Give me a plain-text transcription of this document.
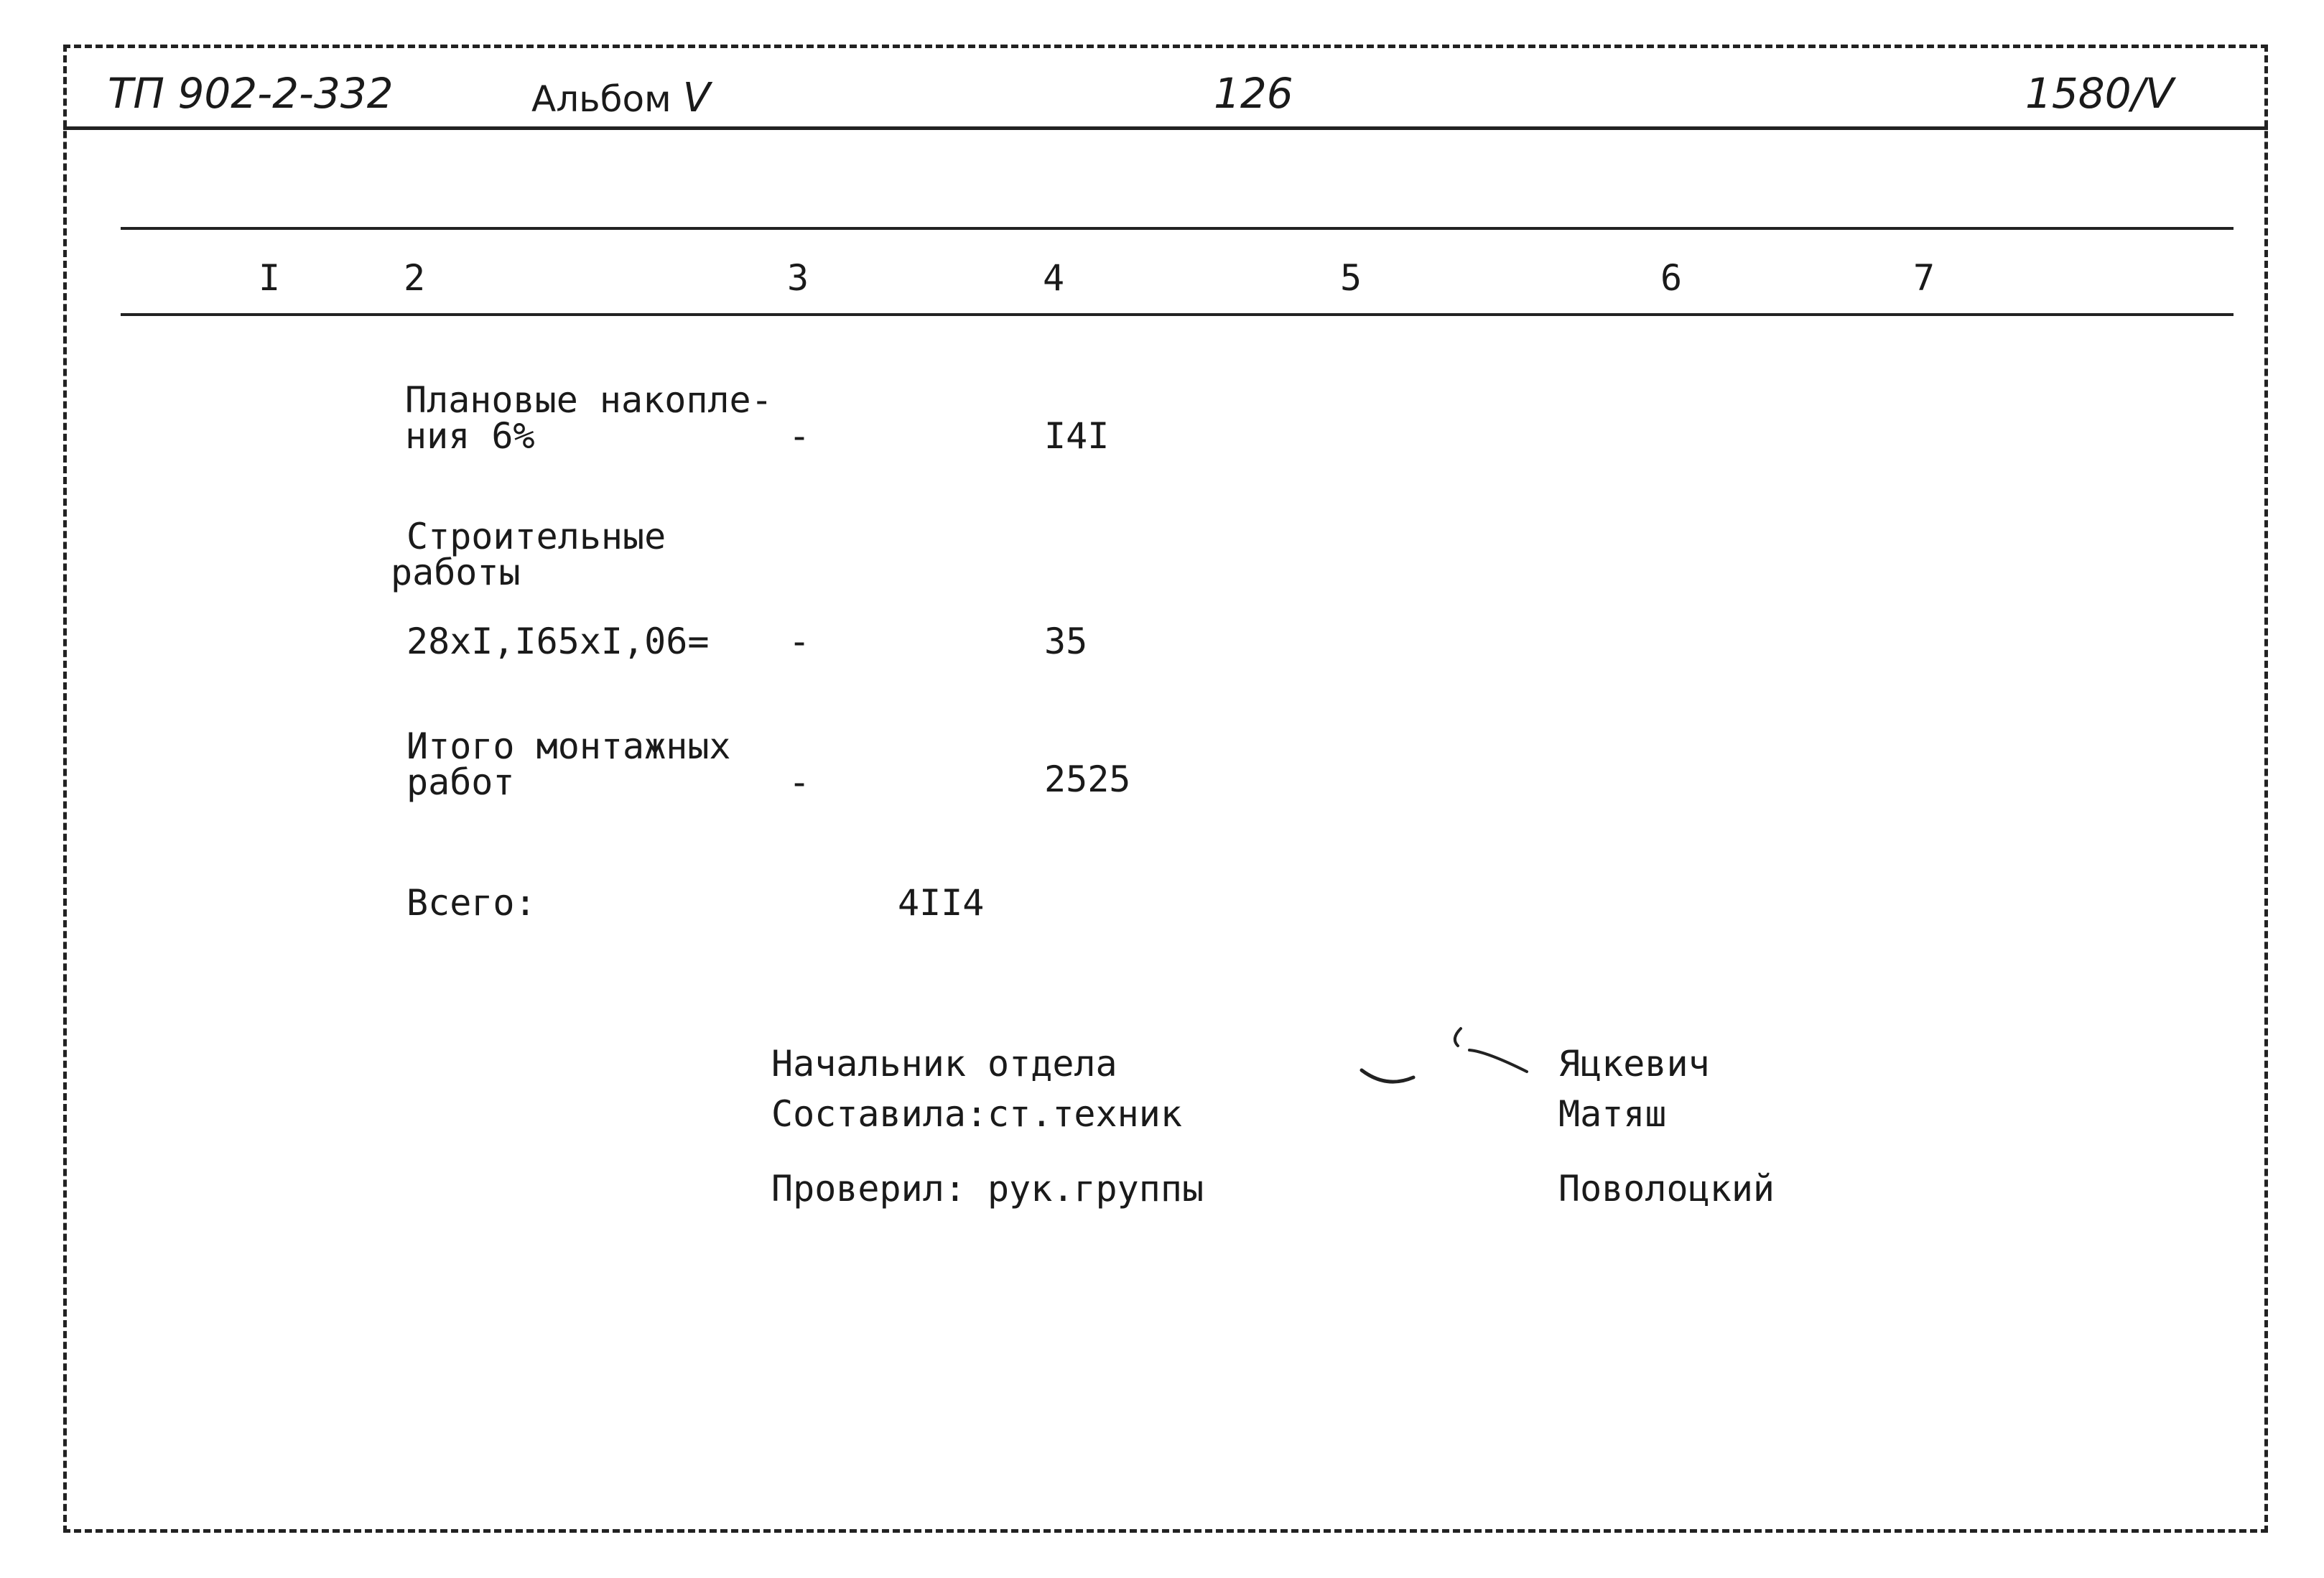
ТП 902-2-332	Альбом V	126	1580/V
I	2	3	4	5	6	7
Плановые накопле-
ния 6%	-	I4I
Строительные
работы
28хI,I65хI,06= -	35
Итого монтажных
работ	-	2525
Всего:	4II4
Начальник отдела	Яцкевич
Составила:ст.техник	Матяш
Проверил: рук.группы	Поволоцкий
